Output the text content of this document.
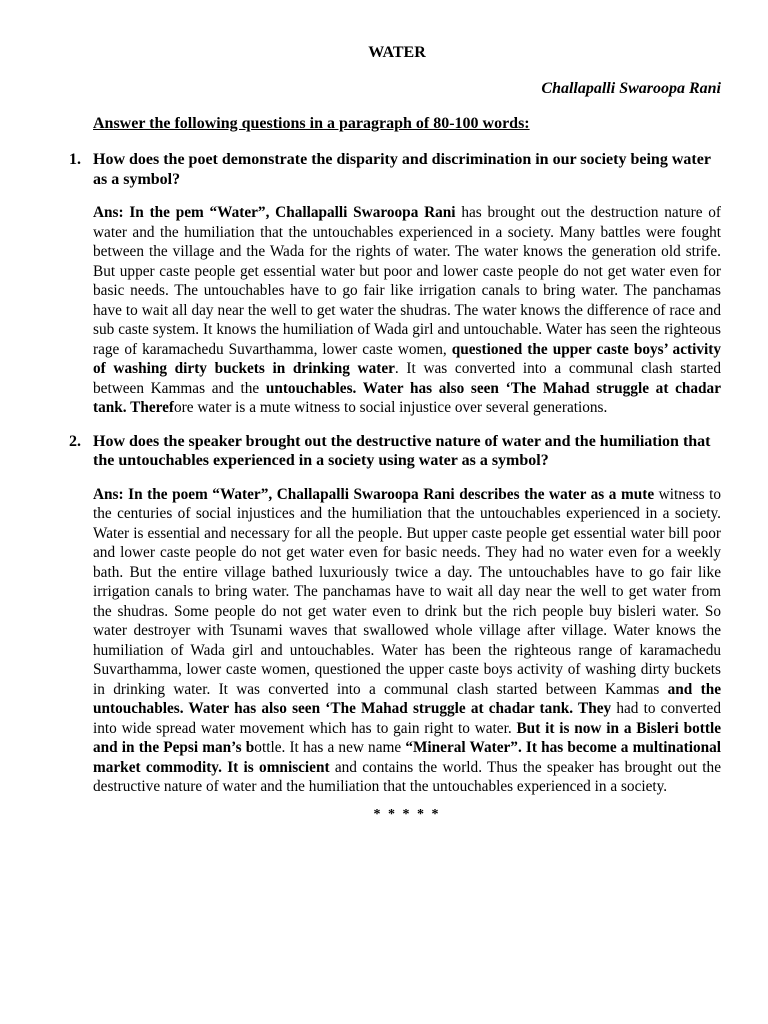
WATER
Challapalli Swaroopa Rani
Answer the following questions in a paragraph of 80-100 words:
1. How does the poet demonstrate the disparity and discrimination in our society being water as a symbol?
Ans: In the pem “Water”, Challapalli Swaroopa Rani has brought out the destruction nature of water and the humiliation that the untouchables experienced in a society. Many battles were fought between the village and the Wada for the rights of water. The water knows the generation old strife. But upper caste people get essential water but poor and lower caste people do not get water even for basic needs. The untouchables have to go fair like irrigation canals to bring water. The panchamas have to wait all day near the well to get water the shudras. The water knows the difference of race and sub caste system. It knows the humiliation of Wada girl and untouchable. Water has seen the righteous rage of karamachedu Suvarthamma, lower caste women, questioned the upper caste boys’ activity of washing dirty buckets in drinking water. It was converted into a communal clash started between Kammas and the untouchables. Water has also seen ‘The Mahad struggle at chadar tank. Therefore water is a mute witness to social injustice over several generations.
2. How does the speaker brought out the destructive nature of water and the humiliation that the untouchables experienced in a society using water as a symbol?
Ans: In the poem “Water”, Challapalli Swaroopa Rani describes the water as a mute witness to the centuries of social injustices and the humiliation that the untouchables experienced in a society. Water is essential and necessary for all the people. But upper caste people get essential water bill poor and lower caste people do not get water even for basic needs. They had no water even for a weekly bath. But the entire village bathed luxuriously twice a day. The untouchables have to go fair like irrigation canals to bring water. The panchamas have to wait all day near the well to get water from the shudras. Some people do not get water even to drink but the rich people buy bisleri water. So water destroyer with Tsunami waves that swallowed whole village after village. Water knows the humiliation of Wada girl and untouchables. Water has been the righteous range of karamachedu Suvarthamma, lower caste women, questioned the upper caste boys activity of washing dirty buckets in drinking water. It was converted into a communal clash started between Kammas and the untouchables. Water has also seen ‘The Mahad struggle at chadar tank. They had to converted into wide spread water movement which has to gain right to water. But it is now in a Bisleri bottle and in the Pepsi man’s bottle. It has a new name “Mineral Water”. It has become a multinational market commodity. It is omniscient and contains the world. Thus the speaker has brought out the destructive nature of water and the humiliation that the untouchables experienced in a society.
* * * * *
